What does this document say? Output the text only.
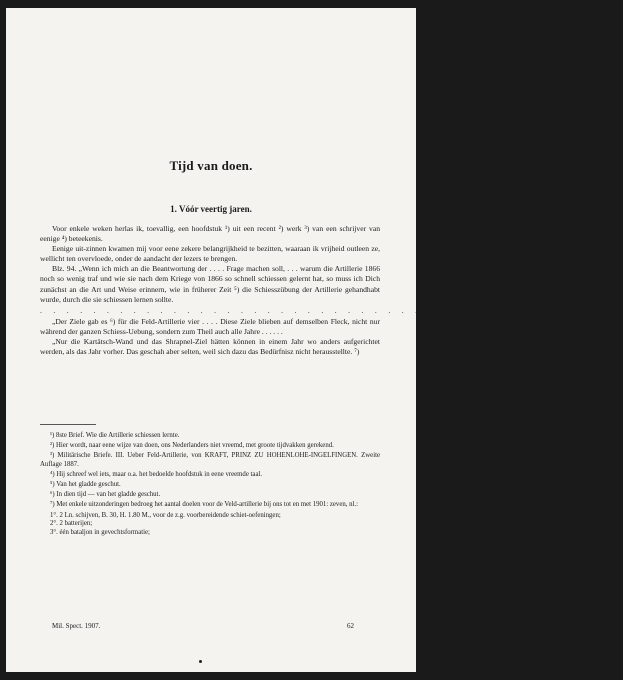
Tijd van doen.
1. Vóór veertig jaren.

Voor enkele weken herlas ik, toevallig, een hoofdstuk ¹) uit een recent ²) werk ³) van een schrijver van eenige ⁴) beteekenis.

Eenige uit-zinnen kwamen mij voor eene zekere belangrijkheid te bezitten, waaraan ik vrijheid outleen ze, wellicht ten overvloede, onder de aandacht der lezers te brengen.

Blz. 94. „Wenn ich mich an die Beantwortung der . . . . Frage machen soll, . . . warum die Artillerie 1866 noch so wenig traf und wie sie nach dem Kriege von 1866 so schnell schiessen gelernt hat, so muss ich Dich zunächst an die Art und Weise erinnern, wie in früherer Zeit ⁵) die Schiesszübung der Artillerie gehandhabt wurde, durch die sie schiessen lernen sollte.

. . . . . . . . . . . . . . . . . . . . . . . . . . . . . . . . . . . . . . . . . . . .

„Der Ziele gab es ⁶) für die Feld-Artillerie vier . . . . Diese Ziele blieben auf demselben Fleck, nicht nur während der ganzen Schiess-Uebung, sondern zum Theil auch alle Jahre . . . . . .

„Nur die Kartätsch-Wand und das Shrapnel-Ziel hätten können in einem Jahr wo anders aufgerichtet werden, als das Jahr vorher. Das geschah aber selten, weil sich dazu das Bedürfnisz nicht herausstellte. ⁷)

¹) 8ste Brief. Wie die Artillerie schiessen lernte.

²) Hier wordt, naar eene wijze van doen, ons Nederlanders niet vreemd, met groote tijdvakken gerekend.

³) Militärische Briefe. III. Ueber Feld-Artillerie, von KRAFT, PRINZ ZU HOHENLOHE-INGELFINGEN. Zweite Auflage 1887.

⁴) Hij schreef wel iets, maar o.a. het bedoelde hoofdstuk in eene vreemde taal.

⁵) Van het gladde geschut.

⁶) In dien tijd — van het gladde geschut.

⁷) Met enkele uitzonderingen bedroeg het aantal doelen voor de Veld-artillerie bij ons tot en met 1901: zeven, nl.:

1°. 2 Ln. schijven, B. 30, H. 1.80 M., voor de z.g. voorbereidende schiet-oefeningen;

2°. 2 batterijen;

3°. één bataljon in gevechtsformatie;

Mil. Spect. 1907.	62
